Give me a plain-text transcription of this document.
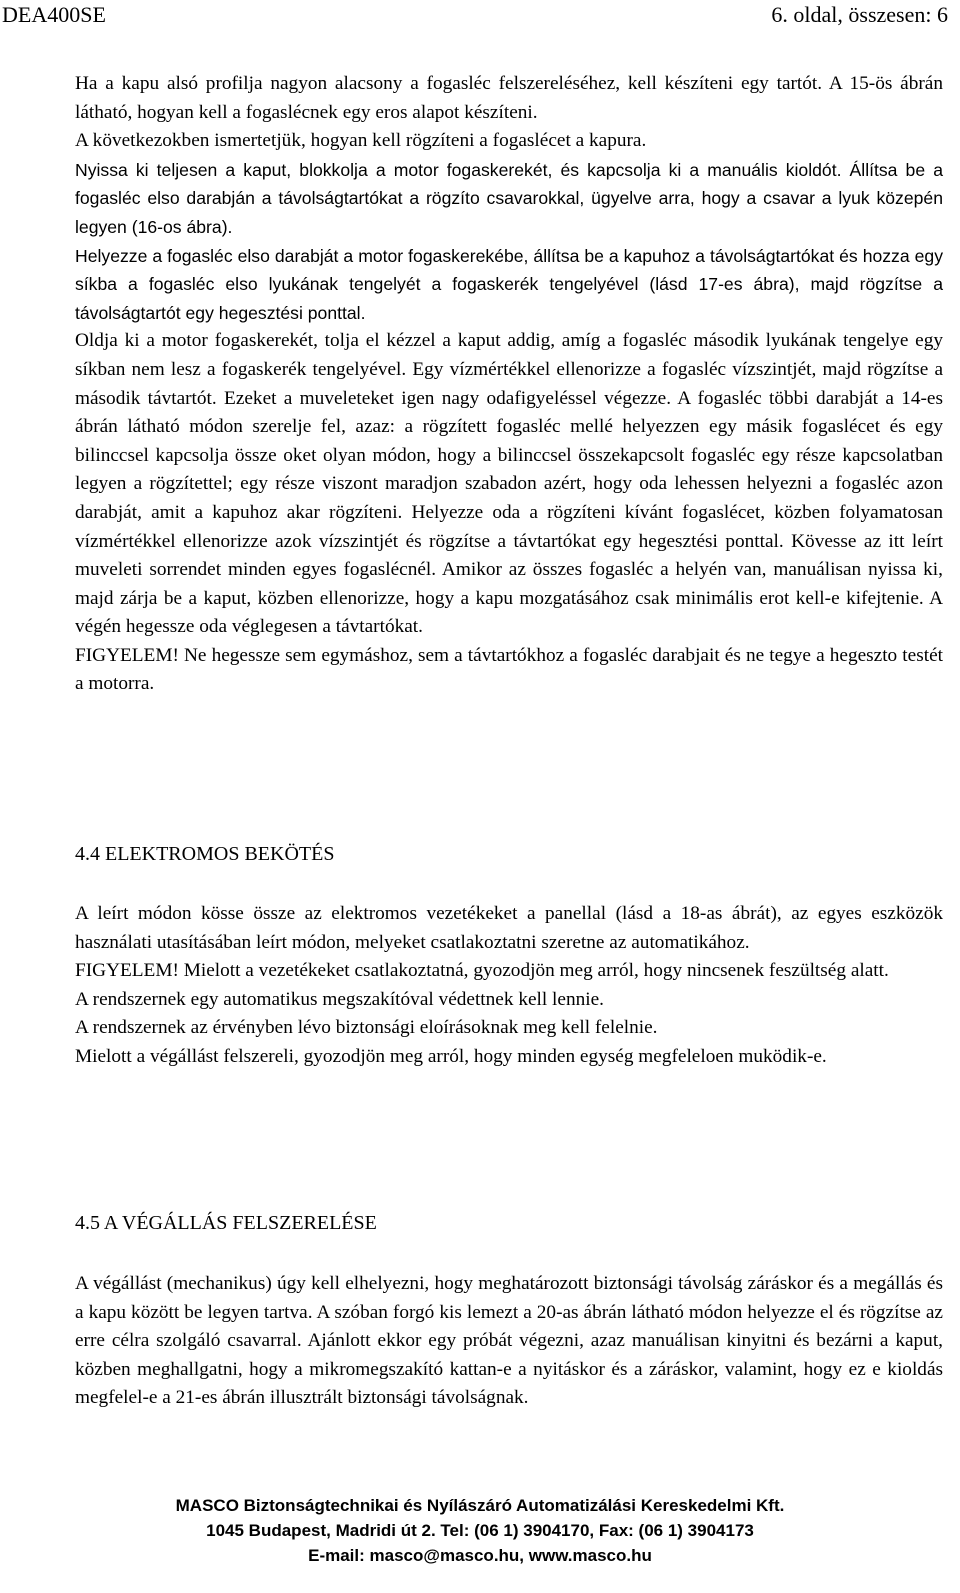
DEA400SE	6. oldal, összesen: 6

Ha a kapu alsó profilja nagyon alacsony a fogasléc felszereléséhez, kell készíteni egy tartót. A 15-ös ábrán látható, hogyan kell a fogaslécnek egy eros alapot készíteni.

A következokben ismertetjük, hogyan kell rögzíteni a fogaslécet a kapura.

Nyissa ki teljesen a kaput, blokkolja a motor fogaskerekét, és kapcsolja ki a manuális kioldót. Állítsa be a fogasléc elso darabján a távolságtartókat a rögzíto csavarokkal, ügyelve arra, hogy a csavar a lyuk közepén legyen (16-os ábra).

Helyezze a fogasléc elso darabját a motor fogaskerekébe, állítsa be a kapuhoz a távolságtartókat és hozza egy síkba a fogasléc elso lyukának tengelyét a fogaskerék tengelyével (lásd 17-es ábra), majd rögzítse a távolságtartót egy hegesztési ponttal.

Oldja ki a motor fogaskerekét, tolja el kézzel a kaput addig, amíg a fogasléc második lyukának tengelye egy síkban nem lesz a fogaskerék tengelyével. Egy vízmértékkel ellenorizze a fogasléc vízszintjét, majd rögzítse a második távtartót. Ezeket a muveleteket igen nagy odafigyeléssel végezze. A fogasléc többi darabját a 14-es ábrán látható módon szerelje fel, azaz: a rögzített fogasléc mellé helyezzen egy másik fogaslécet és egy bilinccsel kapcsolja össze oket olyan módon, hogy a bilinccsel összekapcsolt fogasléc egy része kapcsolatban legyen a rögzítettel; egy része viszont maradjon szabadon azért, hogy oda lehessen helyezni a fogasléc azon darabját, amit a kapuhoz akar rögzíteni. Helyezze oda a rögzíteni kívánt fogaslécet, közben folyamatosan vízmértékkel ellenorizze azok vízszintjét és rögzítse a távtartókat egy hegesztési ponttal. Kövesse az itt leírt muveleti sorrendet minden egyes fogaslécnél. Amikor az összes fogasléc a helyén van, manuálisan nyissa ki, majd zárja be a kaput, közben ellenorizze, hogy a kapu mozgatásához csak minimális erot kell-e kifejtenie. A végén hegessze oda véglegesen a távtartókat.

FIGYELEM! Ne hegessze sem egymáshoz, sem a távtartókhoz a fogasléc darabjait és ne tegye a hegeszto testét a motorra.

4.4 ELEKTROMOS BEKÖTÉS

A leírt módon kösse össze az elektromos vezetékeket a panellal (lásd a 18-as ábrát), az egyes eszközök használati utasításában leírt módon, melyeket csatlakoztatni szeretne az automatikához.

FIGYELEM! Mielott a vezetékeket csatlakoztatná, gyozodjön meg arról, hogy nincsenek feszültség alatt.

A rendszernek egy automatikus megszakítóval védettnek kell lennie.

A rendszernek az érvényben lévo biztonsági eloírásoknak meg kell felelnie.

Mielott a végállást felszereli, gyozodjön meg arról, hogy minden egység megfeleloen muködik-e.

4.5 A VÉGÁLLÁS FELSZERELÉSE

A végállást (mechanikus) úgy kell elhelyezni, hogy meghatározott biztonsági távolság záráskor és a megállás és a kapu között be legyen tartva. A szóban forgó kis lemezt a 20-as ábrán látható módon helyezze el és rögzítse az erre célra szolgáló csavarral. Ajánlott ekkor egy próbát végezni, azaz manuálisan kinyitni és bezárni a kaput, közben meghallgatni, hogy a mikromegszakító kattan-e a nyitáskor és a záráskor, valamint, hogy ez e kioldás megfelel-e a 21-es ábrán illusztrált biztonsági távolságnak.

MASCO Biztonságtechnikai és Nyílászáró Automatizálási Kereskedelmi Kft.
1045 Budapest, Madridi út 2. Tel: (06 1) 3904170, Fax: (06 1) 3904173
E-mail: masco@masco.hu, www.masco.hu
